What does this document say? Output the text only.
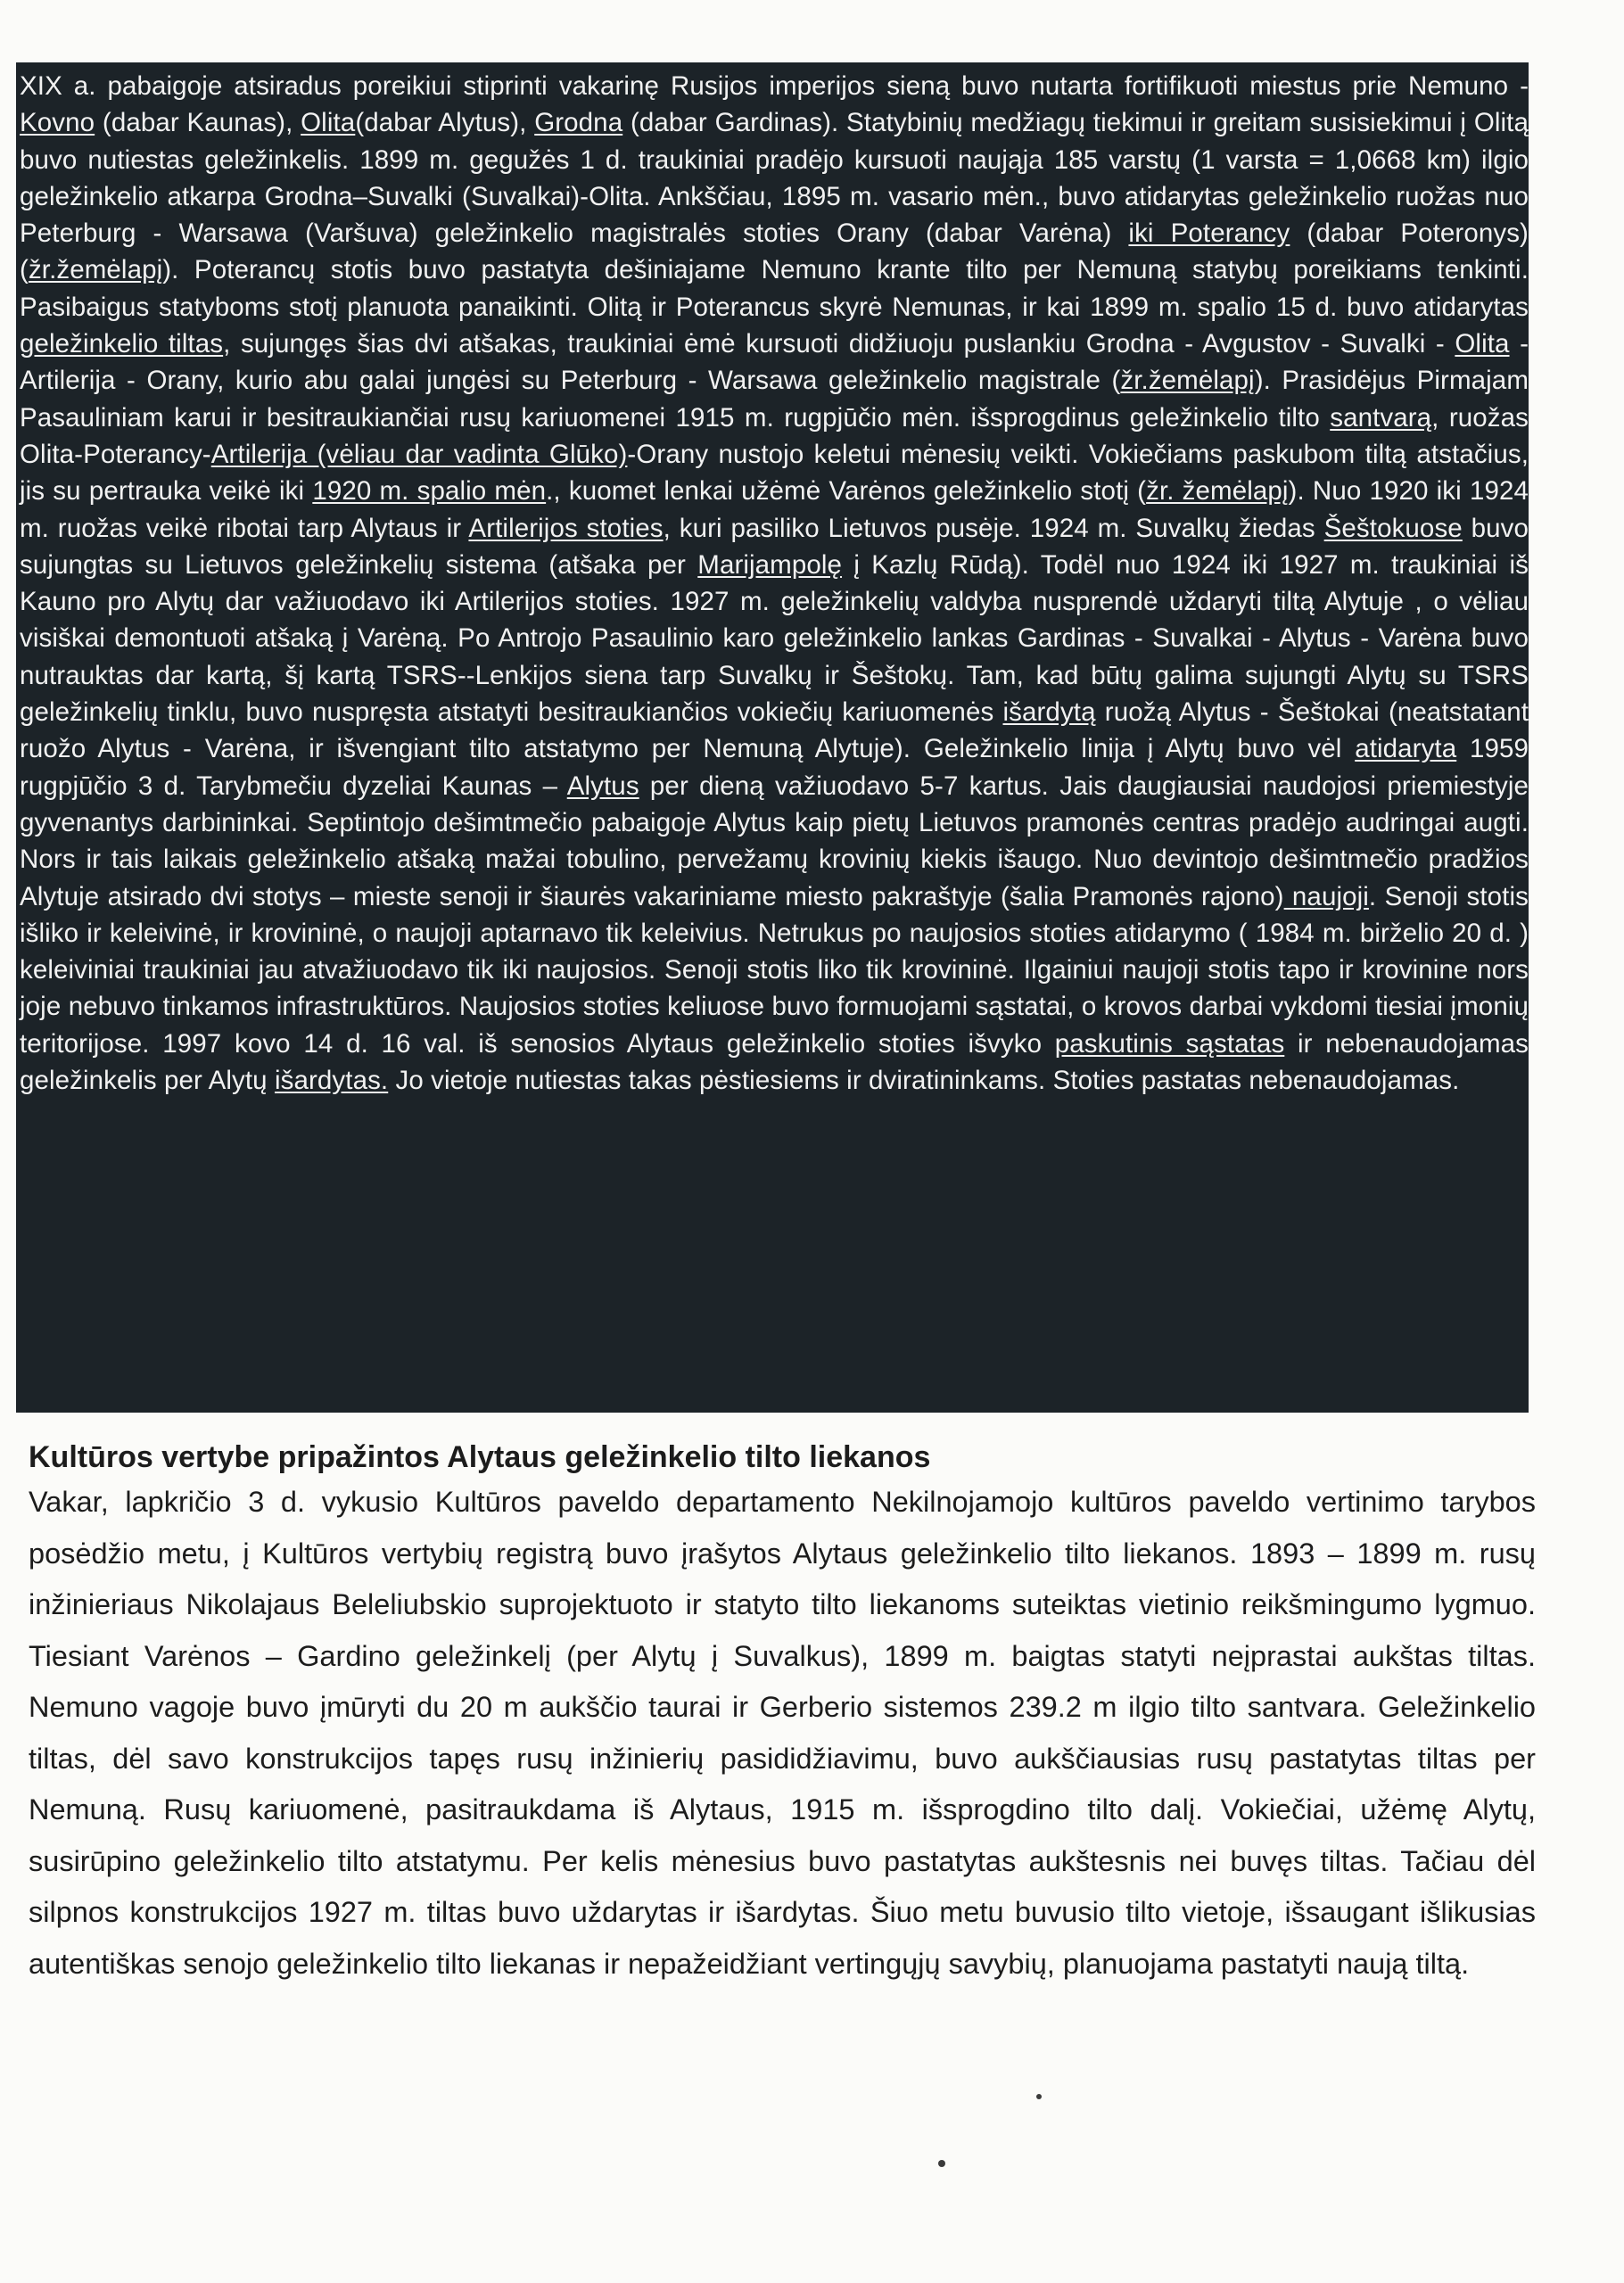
XIX a. pabaigoje atsiradus poreikiui stiprinti vakarinę Rusijos imperijos sieną buvo nutarta fortifikuoti miestus prie Nemuno - Kovno (dabar Kaunas), Olita(dabar Alytus), Grodna (dabar Gardinas). Statybinių medžiagų tiekimui ir greitam susisiekimui į Olitą buvo nutiestas geležinkelis. 1899 m. gegužės 1 d. traukiniai pradėjo kursuoti naująja 185 varstų (1 varsta = 1,0668 km) ilgio geležinkelio atkarpa Grodna–Suvalki (Suvalkai)-Olita. Ankščiau, 1895 m. vasario mėn., buvo atidarytas geležinkelio ruožas nuo Peterburg - Warsawa (Varšuva) geležinkelio magistralės stoties Orany (dabar Varėna) iki Poterancy (dabar Poteronys) (žr.žemėlapį). Poterancų stotis buvo pastatyta dešiniajame Nemuno krante tilto per Nemuną statybų poreikiams tenkinti. Pasibaigus statyboms stotį planuota panaikinti. Olitą ir Poterancus skyrė Nemunas, ir kai 1899 m. spalio 15 d. buvo atidarytas geležinkelio tiltas, sujungęs šias dvi atšakas, traukiniai ėmė kursuoti didžiuoju puslankiu Grodna - Avgustov - Suvalki - Olita - Artilerija - Orany, kurio abu galai jungėsi su Peterburg - Warsawa geležinkelio magistrale (žr.žemėlapį). Prasidėjus Pirmajam Pasauliniam karui ir besitraukiančiai rusų kariuomenei 1915 m. rugpjūčio mėn. išsprogdinus geležinkelio tilto santvarą, ruožas Olita-Poterancy-Artilerija (vėliau dar vadinta Glūko)-Orany nustojo keletui mėnesių veikti. Vokiečiams paskubom tiltą atstačius, jis su pertrauka veikė iki 1920 m. spalio mėn., kuomet lenkai užėmė Varėnos geležinkelio stotį (žr. žemėlapį). Nuo 1920 iki 1924 m. ruožas veikė ribotai tarp Alytaus ir Artilerijos stoties, kuri pasiliko Lietuvos pusėje. 1924 m. Suvalkų žiedas Šeštokuose buvo sujungtas su Lietuvos geležinkelių sistema (atšaka per Marijampolę į Kazlų Rūdą). Todėl nuo 1924 iki 1927 m. traukiniai iš Kauno pro Alytų dar važiuodavo iki Artilerijos stoties. 1927 m. geležinkelių valdyba nusprendė uždaryti tiltą Alytuje , o vėliau visiškai demontuoti atšaką į Varėną. Po Antrojo Pasaulinio karo geležinkelio lankas Gardinas - Suvalkai - Alytus - Varėna buvo nutrauktas dar kartą, šį kartą TSRS--Lenkijos siena tarp Suvalkų ir Šeštokų. Tam, kad būtų galima sujungti Alytų su TSRS geležinkelių tinklu, buvo nuspręsta atstatyti besitraukiančios vokiečių kariuomenės išardytą ruožą Alytus - Šeštokai (neatstatant ruožo Alytus - Varėna, ir išvengiant tilto atstatymo per Nemuną Alytuje). Geležinkelio linija į Alytų buvo vėl atidaryta 1959 rugpjūčio 3 d. Tarybmečiu dyzeliai Kaunas – Alytus per dieną važiuodavo 5-7 kartus. Jais daugiausiai naudojosi priemiestyje gyvenantys darbininkai. Septintojo dešimtmečio pabaigoje Alytus kaip pietų Lietuvos pramonės centras pradėjo audringai augti. Nors ir tais laikais geležinkelio atšaką mažai tobulino, pervežamų krovinių kiekis išaugo. Nuo devintojo dešimtmečio pradžios Alytuje atsirado dvi stotys – mieste senoji ir šiaurės vakariniame miesto pakraštyje (šalia Pramonės rajono) naujoji. Senoji stotis išliko ir keleivinė, ir krovininė, o naujoji aptarnavo tik keleivius. Netrukus po naujosios stoties atidarymo ( 1984 m. birželio 20 d. ) keleiviniai traukiniai jau atvažiuodavo tik iki naujosios. Senoji stotis liko tik krovininė. Ilgainiui naujoji stotis tapo ir krovinine nors joje nebuvo tinkamos infrastruktūros. Naujosios stoties keliuose buvo formuojami sąstatai, o krovos darbai vykdomi tiesiai įmonių teritorijose. 1997 kovo 14 d. 16 val. iš senosios Alytaus geležinkelio stoties išvyko paskutinis sąstatas ir nebenaudojamas geležinkelis per Alytų išardytas. Jo vietoje nutiestas takas pėstiesiems ir dviratininkams. Stoties pastatas nebenaudojamas.

Kultūros vertybe pripažintos Alytaus geležinkelio tilto liekanos

Vakar, lapkričio 3 d. vykusio Kultūros paveldo departamento Nekilnojamojo kultūros paveldo vertinimo tarybos posėdžio metu, į Kultūros vertybių registrą buvo įrašytos Alytaus geležinkelio tilto liekanos. 1893 – 1899 m. rusų inžinieriaus Nikolajaus Beleliubskio suprojektuoto ir statyto tilto liekanoms suteiktas vietinio reikšmingumo lygmuo. Tiesiant Varėnos – Gardino geležinkelį (per Alytų į Suvalkus), 1899 m. baigtas statyti neįprastai aukštas tiltas. Nemuno vagoje buvo įmūryti du 20 m aukščio taurai ir Gerberio sistemos 239.2 m ilgio tilto santvara. Geležinkelio tiltas, dėl savo konstrukcijos tapęs rusų inžinierių pasididžiavimu, buvo aukščiausias rusų pastatytas tiltas per Nemuną. Rusų kariuomenė, pasitraukdama iš Alytaus, 1915 m. išsprogdino tilto dalį. Vokiečiai, užėmę Alytų, susirūpino geležinkelio tilto atstatymu. Per kelis mėnesius buvo pastatytas aukštesnis nei buvęs tiltas. Tačiau dėl silpnos konstrukcijos 1927 m. tiltas buvo uždarytas ir išardytas. Šiuo metu buvusio tilto vietoje, išsaugant išlikusias autentiškas senojo geležinkelio tilto liekanas ir nepažeidžiant vertingųjų savybių, planuojama pastatyti naują tiltą.
